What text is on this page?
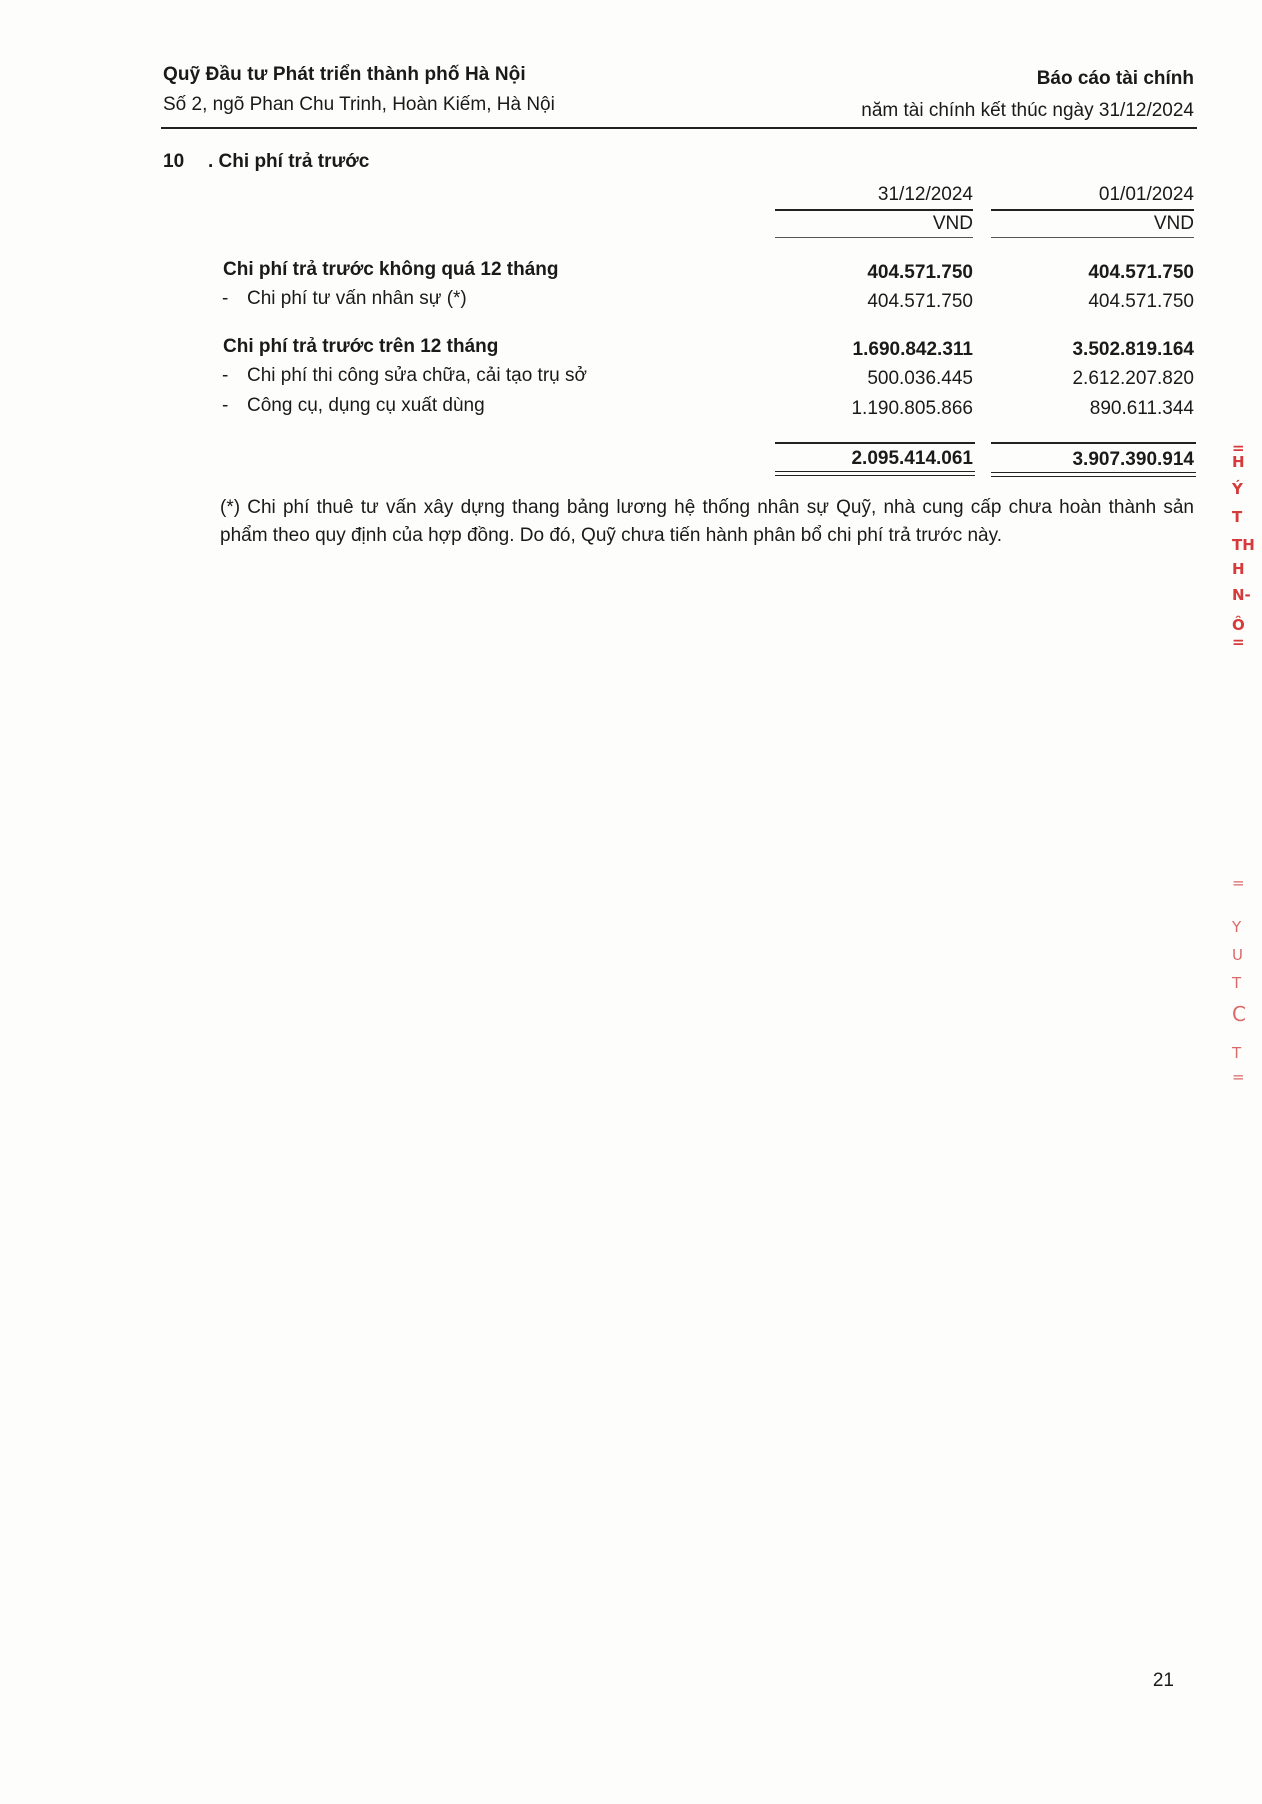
Quỹ Đầu tư Phát triển thành phố Hà Nội
Số 2, ngõ Phan Chu Trinh, Hoàn Kiếm, Hà Nội
Báo cáo tài chính
năm tài chính kết thúc ngày 31/12/2024
10 . Chi phí trả trước
31/12/2024	01/01/2024
VND	VND
Chi phí trả trước không quá 12 tháng	404.571.750	404.571.750
- Chi phí tư vấn nhân sự (*)	404.571.750	404.571.750
Chi phí trả trước trên 12 tháng	1.690.842.311	3.502.819.164
- Chi phí thi công sửa chữa, cải tạo trụ sở	500.036.445	2.612.207.820
- Công cụ, dụng cụ xuất dùng	1.190.805.866	890.611.344
2.095.414.061	3.907.390.914
(*) Chi phí thuê tư vấn xây dựng thang bảng lương hệ thống nhân sự Quỹ, nhà cung cấp chưa hoàn thành sản phẩm theo quy định của hợp đồng. Do đó, Quỹ chưa tiến hành phân bổ chi phí trả trước này.
21
=
H
Ý
T
TH
H
N-
Ô
=
=
Y
U
T
C
T
=
